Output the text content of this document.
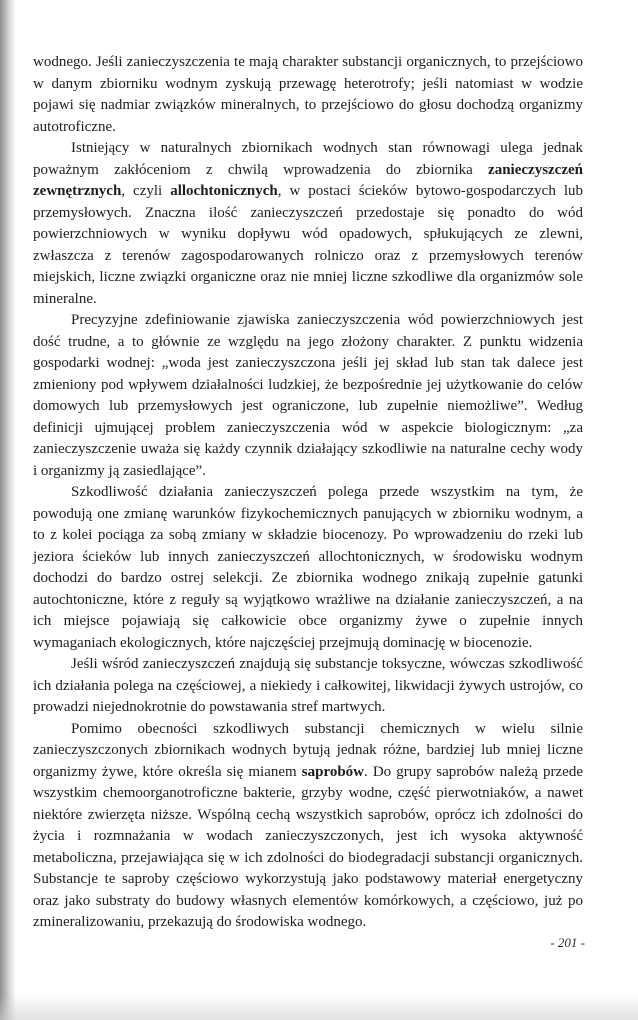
wodnego. Jeśli zanieczyszczenia te mają charakter substancji organicznych, to przejściowo w danym zbiorniku wodnym zyskują przewagę heterotrofy; jeśli natomiast w wodzie pojawi się nadmiar związków mineralnych, to przejściowo do głosu dochodzą organizmy autotroficzne.

Istniejący w naturalnych zbiornikach wodnych stan równowagi ulega jednak poważnym zakłóceniom z chwilą wprowadzenia do zbiornika zanieczyszczeń zewnętrznych, czyli allochtonicznych, w postaci ścieków bytowo-gospodarczych lub przemysłowych. Znaczna ilość zanieczyszczeń przedostaje się ponadto do wód powierzchniowych w wyniku dopływu wód opadowych, spłukujących ze zlewni, zwłaszcza z terenów zagospodarowanych rolniczo oraz z przemysłowych terenów miejskich, liczne związki organiczne oraz nie mniej liczne szkodliwe dla organizmów sole mineralne.

Precyzyjne zdefiniowanie zjawiska zanieczyszczenia wód powierzchniowych jest dość trudne, a to głównie ze względu na jego złożony charakter. Z punktu widzenia gospodarki wodnej: „woda jest zanieczyszczona jeśli jej skład lub stan tak dalece jest zmieniony pod wpływem działalności ludzkiej, że bezpośrednie jej użytkowanie do celów domowych lub przemysłowych jest ograniczone, lub zupełnie niemożliwe”. Według definicji ujmującej problem zanieczyszczenia wód w aspekcie biologicznym: „za zanieczyszczenie uważa się każdy czynnik działający szkodliwie na naturalne cechy wody i organizmy ją zasiedlające”.

Szkodliwość działania zanieczyszczeń polega przede wszystkim na tym, że powodują one zmianę warunków fizykochemicznych panujących w zbiorniku wodnym, a to z kolei pociąga za sobą zmiany w składzie biocenozy. Po wprowadzeniu do rzeki lub jeziora ścieków lub innych zanieczyszczeń allochtonicznych, w środowisku wodnym dochodzi do bardzo ostrej selekcji. Ze zbiornika wodnego znikają zupełnie gatunki autochtoniczne, które z reguły są wyjątkowo wrażliwe na działanie zanieczyszczeń, a na ich miejsce pojawiają się całkowicie obce organizmy żywe o zupełnie innych wymaganiach ekologicznych, które najczęściej przejmują dominację w biocenozie.

Jeśli wśród zanieczyszczeń znajdują się substancje toksyczne, wówczas szkodliwość ich działania polega na częściowej, a niekiedy i całkowitej, likwidacji żywych ustrojów, co prowadzi niejednokrotnie do powstawania stref martwych.

Pomimo obecności szkodliwych substancji chemicznych w wielu silnie zanieczyszczonych zbiornikach wodnych bytują jednak różne, bardziej lub mniej liczne organizmy żywe, które określa się mianem saprobów. Do grupy saprobów należą przede wszystkim chemoorganotroficzne bakterie, grzyby wodne, część pierwotniaków, a nawet niektóre zwierzęta niższe. Wspólną cechą wszystkich saprobów, oprócz ich zdolności do życia i rozmnażania w wodach zanieczyszczonych, jest ich wysoka aktywność metaboliczna, przejawiająca się w ich zdolności do biodegradacji substancji organicznych. Substancje te saproby częściowo wykorzystują jako podstawowy materiał energetyczny oraz jako substraty do budowy własnych elementów komórkowych, a częściowo, już po zmineralizowaniu, przekazują do środowiska wodnego.

- 201 -
